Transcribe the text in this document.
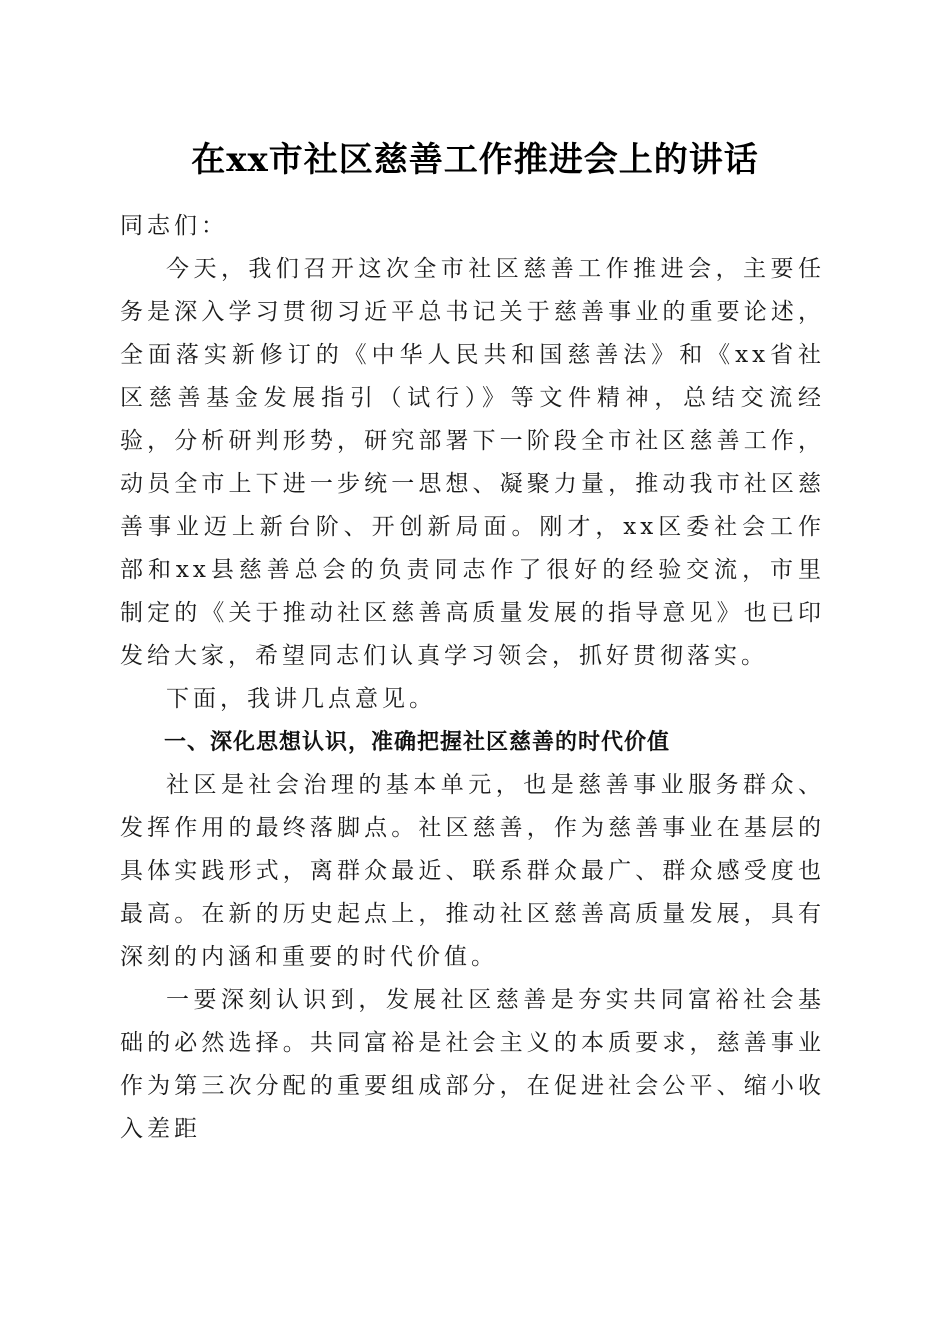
在xx市社区慈善工作推进会上的讲话

同志们：

今天，我们召开这次全市社区慈善工作推进会，主要任务是深入学习贯彻习近平总书记关于慈善事业的重要论述，全面落实新修订的《中华人民共和国慈善法》和《xx省社区慈善基金发展指引（试行）》等文件精神，总结交流经验，分析研判形势，研究部署下一阶段全市社区慈善工作，动员全市上下进一步统一思想、凝聚力量，推动我市社区慈善事业迈上新台阶、开创新局面。刚才，xx区委社会工作部和xx县慈善总会的负责同志作了很好的经验交流，市里制定的《关于推动社区慈善高质量发展的指导意见》也已印发给大家，希望同志们认真学习领会，抓好贯彻落实。

下面，我讲几点意见。

一、深化思想认识，准确把握社区慈善的时代价值

社区是社会治理的基本单元，也是慈善事业服务群众、发挥作用的最终落脚点。社区慈善，作为慈善事业在基层的具体实践形式，离群众最近、联系群众最广、群众感受度也最高。在新的历史起点上，推动社区慈善高质量发展，具有深刻的内涵和重要的时代价值。

一要深刻认识到，发展社区慈善是夯实共同富裕社会基础的必然选择。共同富裕是社会主义的本质要求，慈善事业作为第三次分配的重要组成部分，在促进社会公平、缩小收入差距
